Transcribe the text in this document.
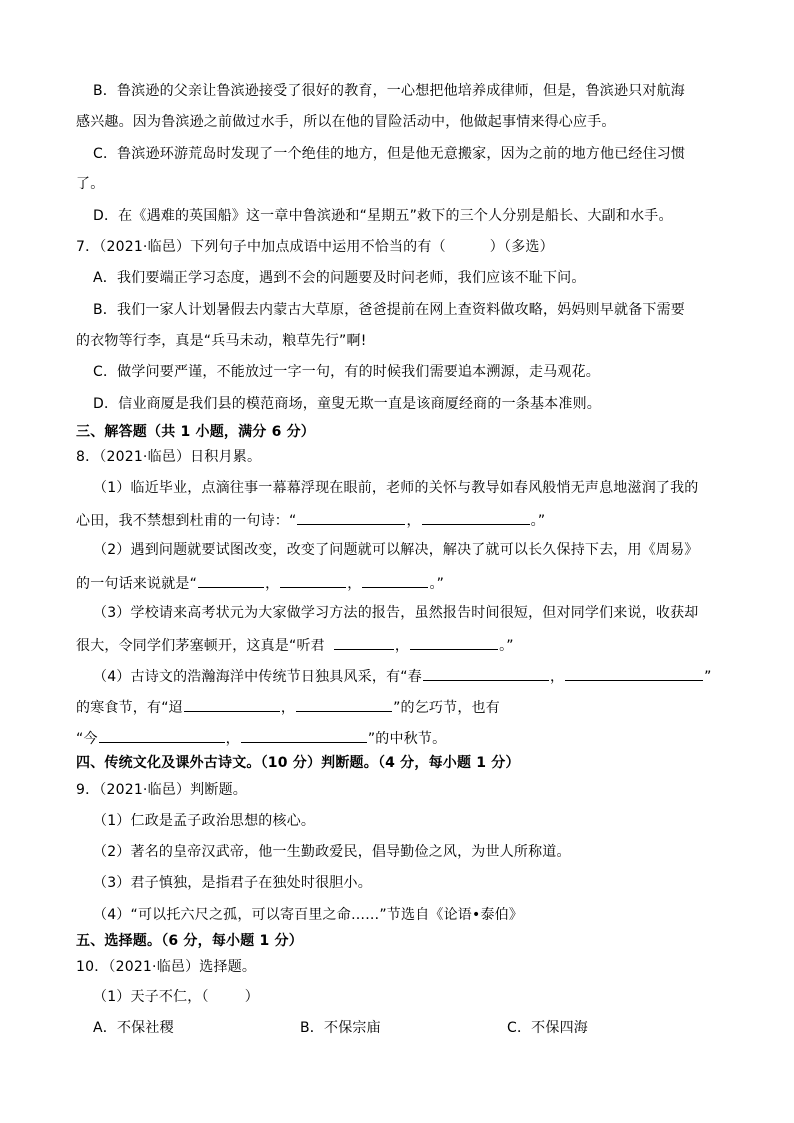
B．鲁滨逊的父亲让鲁滨逊接受了很好的教育，一心想把他培养成律师，但是，鲁滨逊只对航海
感兴趣。因为鲁滨逊之前做过水手，所以在他的冒险活动中，他做起事情来得心应手。
C．鲁滨逊环游荒岛时发现了一个绝佳的地方，但是他无意搬家，因为之前的地方他已经住习惯
了。
D．在《遇难的英国船》这一章中鲁滨逊和“星期五”救下的三个人分别是船长、大副和水手。
7．（2021·临邑）下列句子中加点成语中运用不恰当的有（	）（多选）
A．我们要端正学习态度，遇到不会的问题要及时问老师，我们应该不耻下问。
B．我们一家人计划暑假去内蒙古大草原，爸爸提前在网上查资料做攻略，妈妈则早就备下需要
的衣物等行李，真是“兵马未动，粮草先行”啊!
C．做学问要严谨，不能放过一字一句，有的时候我们需要追本溯源，走马观花。
D．信业商厦是我们县的模范商场，童叟无欺一直是该商厦经商的一条基本准则。
三、解答题（共 1 小题，满分 6 分）
8．（2021·临邑）日积月累。
（1）临近毕业，点滴往事一幕幕浮现在眼前，老师的关怀与教导如春风般悄无声息地滋润了我的
心田，我不禁想到杜甫的一句诗：“	，	。”
（2）遇到问题就要试图改变，改变了问题就可以解决，解决了就可以长久保持下去，用《周易》
的一句话来说就是“	，	，	。”
（3）学校请来高考状元为大家做学习方法的报告，虽然报告时间很短，但对同学们来说，收获却
很大，令同学们茅塞顿开，这真是“听君	，	。”
（4）古诗文的浩瀚海洋中传统节日独具风采，有“春	，	”
的寒食节，有“迢	，	”的乞巧节，也有
“今	，	”的中秋节。
四、传统文化及课外古诗文。（10 分）判断题。（4 分，每小题 1 分）
9．（2021·临邑）判断题。
（1）仁政是孟子政治思想的核心。
（2）著名的皇帝汉武帝，他一生勤政爱民，倡导勤俭之风，为世人所称道。
（3）君子慎独，是指君子在独处时很胆小。
（4）“可以托六尺之孤，可以寄百里之命……”节选自《论语•泰伯》
五、选择题。（6 分，每小题 1 分）
10．（2021·临邑）选择题。
（1）天子不仁，（	）
A．不保社稷	B．不保宗庙	C．不保四海
